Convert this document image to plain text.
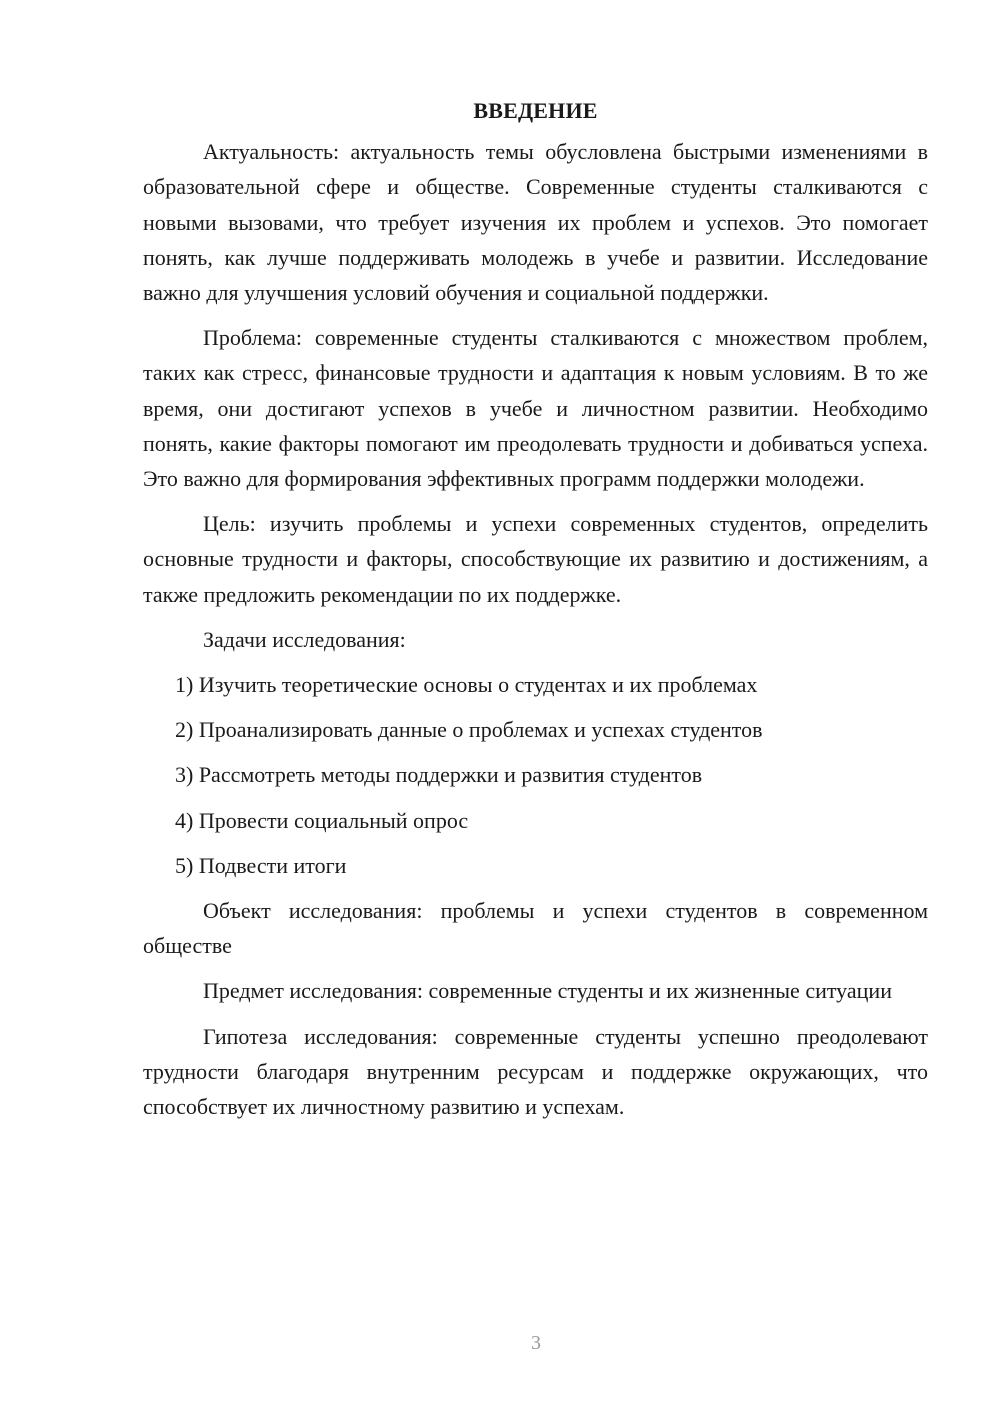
ВВЕДЕНИЕ

Актуальность: актуальность темы обусловлена быстрыми изменениями в образовательной сфере и обществе. Современные студенты сталкиваются с новыми вызовами, что требует изучения их проблем и успехов. Это помогает понять, как лучше поддерживать молодежь в учебе и развитии. Исследование важно для улучшения условий обучения и социальной поддержки.

Проблема: современные студенты сталкиваются с множеством проблем, таких как стресс, финансовые трудности и адаптация к новым условиям. В то же время, они достигают успехов в учебе и личностном развитии. Необходимо понять, какие факторы помогают им преодолевать трудности и добиваться успеха. Это важно для формирования эффективных программ поддержки молодежи.

Цель: изучить проблемы и успехи современных студентов, определить основные трудности и факторы, способствующие их развитию и достижениям, а также предложить рекомендации по их поддержке.

Задачи исследования:

1) Изучить теоретические основы о студентах и их проблемах
2) Проанализировать данные о проблемах и успехах студентов
3) Рассмотреть методы поддержки и развития студентов
4) Провести социальный опрос
5) Подвести итоги

Объект исследования: проблемы и успехи студентов в современном обществе

Предмет исследования: современные студенты и их жизненные ситуации

Гипотеза исследования: современные студенты успешно преодолевают трудности благодаря внутренним ресурсам и поддержке окружающих, что способствует их личностному развитию и успехам.

3
